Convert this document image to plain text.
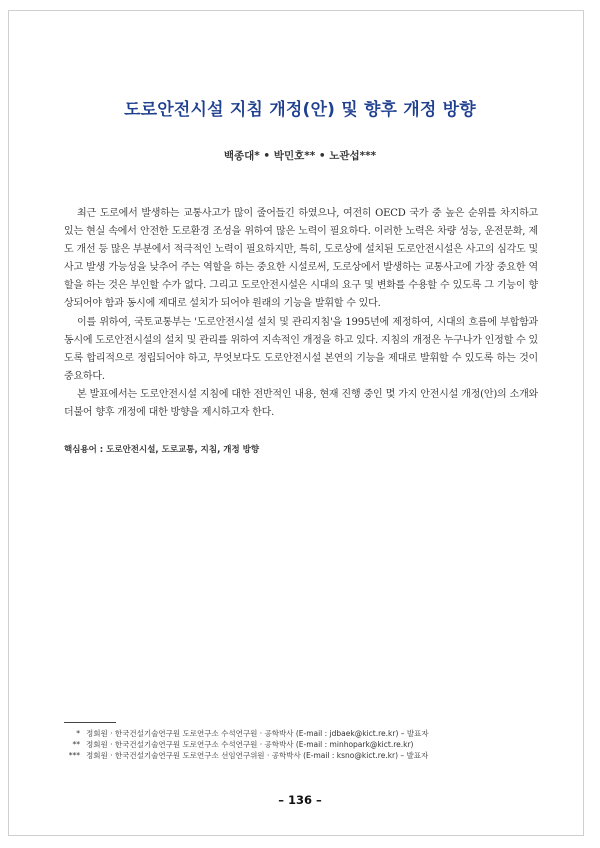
도로안전시설 지침 개정(안) 및 향후 개정 방향
백종대* • 박민호** • 노관섭***

최근 도로에서 발생하는 교통사고가 많이 줄어들긴 하였으나, 여전히 OECD 국가 중 높은 순위를 차지하고 있는 현실 속에서 안전한 도로환경 조성을 위하여 많은 노력이 필요하다. 이러한 노력은 차량 성능, 운전문화, 제도 개선 등 많은 부분에서 적극적인 노력이 필요하지만, 특히, 도로상에 설치된 도로안전시설은 사고의 심각도 및 사고 발생 가능성을 낮추어 주는 역할을 하는 중요한 시설로써, 도로상에서 발생하는 교통사고에 가장 중요한 역할을 하는 것은 부인할 수가 없다. 그리고 도로안전시설은 시대의 요구 및 변화를 수용할 수 있도록 그 기능이 향상되어야 함과 동시에 제대로 설치가 되어야 원래의 기능을 발휘할 수 있다.

이를 위하여, 국토교통부는 '도로안전시설 설치 및 관리지침'을 1995년에 제정하여, 시대의 흐름에 부합함과 동시에 도로안전시설의 설치 및 관리를 위하여 지속적인 개정을 하고 있다. 지침의 개정은 누구나가 인정할 수 있도록 합리적으로 정립되어야 하고, 무엇보다도 도로안전시설 본연의 기능을 제대로 발휘할 수 있도록 하는 것이 중요하다.

본 발표에서는 도로안전시설 지침에 대한 전반적인 내용, 현재 진행 중인 몇 가지 안전시설 개정(안)의 소개와 더불어 향후 개정에 대한 방향을 제시하고자 한다.

핵심용어 : 도로안전시설, 도로교통, 지침, 개정 방향
* 정회원 · 한국건설기술연구원 도로연구소 수석연구원 · 공학박사 (E-mail : jdbaek@kict.re.kr) – 발표자
** 정회원 · 한국건설기술연구원 도로연구소 수석연구원 · 공학박사 (E-mail : minhopark@kict.re.kr)
*** 정회원 · 한국건설기술연구원 도로연구소 선임연구위원 · 공학박사 (E-mail : ksno@kict.re.kr) – 발표자
– 136 –
